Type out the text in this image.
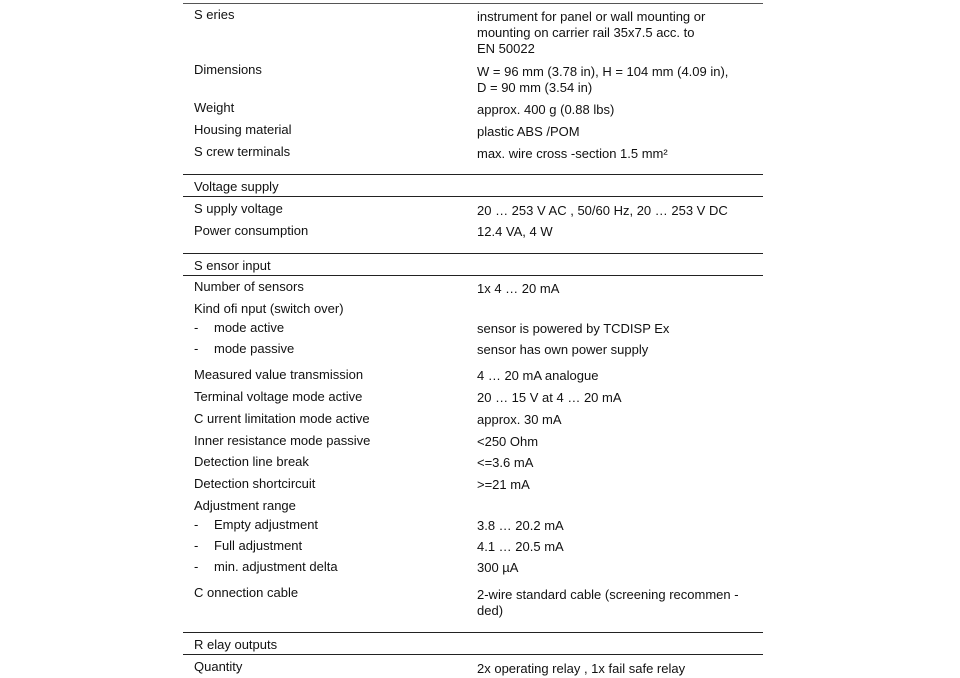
S eries	instrument for panel or wall mounting or
mounting on carrier rail 35x7.5 acc. to
EN 50022
Dimensions	W = 96 mm (3.78 in), H = 104 mm (4.09 in),
D = 90 mm (3.54 in)
Weight	approx. 400 g (0.88 lbs)
Housing material	plastic ABS /POM
S crew terminals	max. wire cross -section 1.5 mm²
Voltage supply
S upply voltage	20 … 253 V AC , 50/60 Hz, 20 … 253 V DC
Power consumption	12.4 VA, 4 W
S ensor input
Number of sensors	1x 4 … 20 mA
Kind ofi nput (switch over)
- mode active	sensor is powered by TCDISP Ex
- mode passive	sensor has own power supply
Measured value transmission	4 … 20 mA analogue
Terminal voltage mode active	20 … 15 V at 4 … 20 mA
C urrent limitation mode active	approx. 30 mA
Inner resistance mode passive	<250 Ohm
Detection line break	<=3.6 mA
Detection shortcircuit	>=21 mA
Adjustment range
- Empty adjustment	3.8 … 20.2 mA
- Full adjustment	4.1 … 20.5 mA
- min. adjustment delta	300 µA
C onnection cable	2-wire standard cable (screening recommen -
ded)
R elay outputs
Quantity	2x operating relay , 1x fail safe relay
